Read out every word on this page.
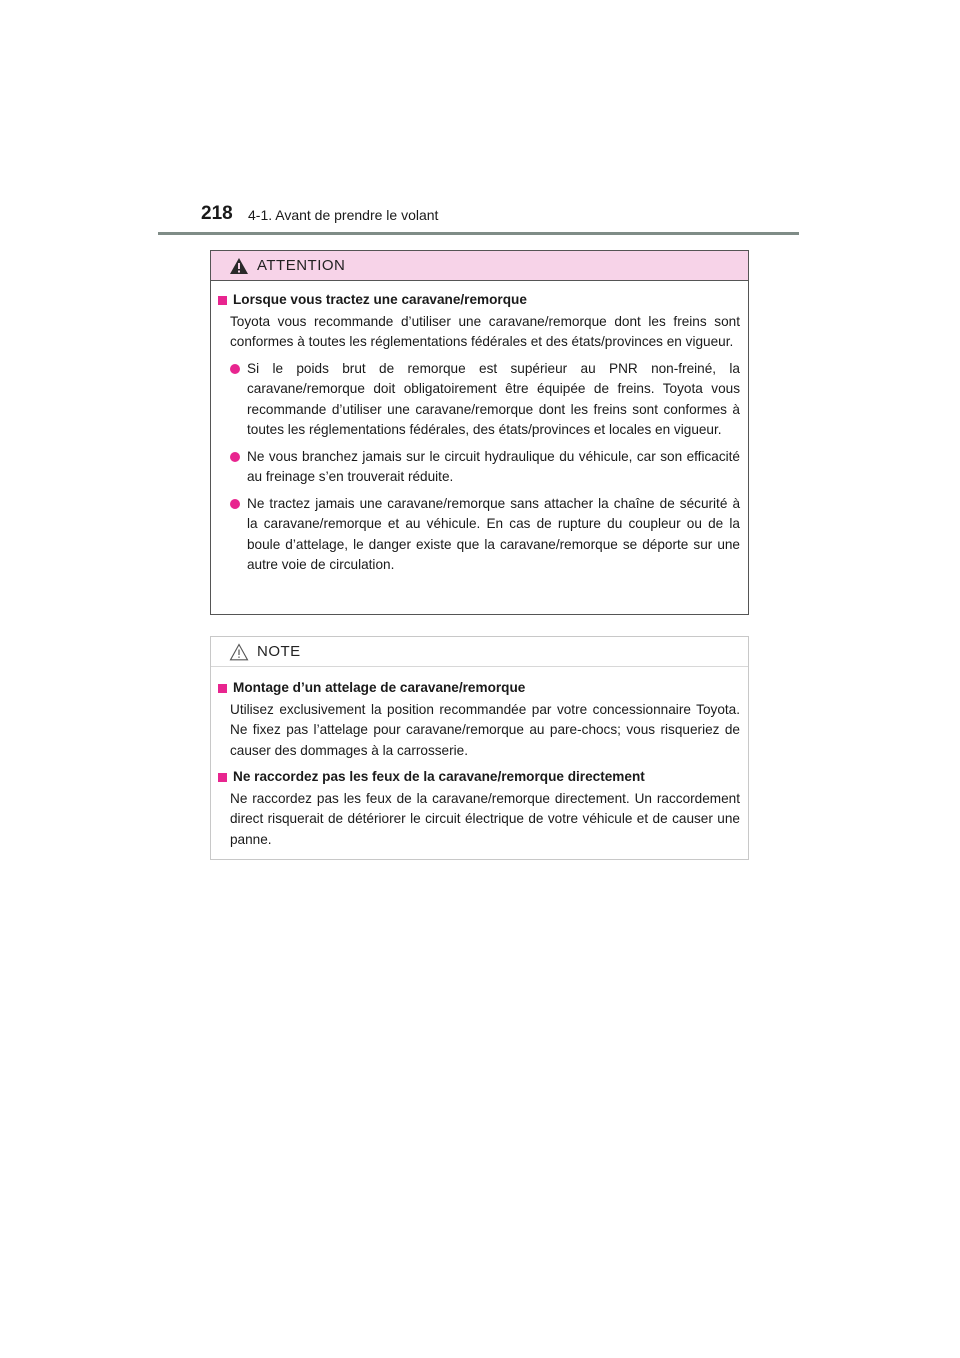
218 4-1. Avant de prendre le volant
ATTENTION
Lorsque vous tractez une caravane/remorque
Toyota vous recommande d’utiliser une caravane/remorque dont les freins sont conformes à toutes les réglementations fédérales et des états/provinces en vigueur.
Si le poids brut de remorque est supérieur au PNR non-freiné, la caravane/remorque doit obligatoirement être équipée de freins. Toyota vous recommande d’utiliser une caravane/remorque dont les freins sont conformes à toutes les réglementations fédérales, des états/provinces et locales en vigueur.
Ne vous branchez jamais sur le circuit hydraulique du véhicule, car son efficacité au freinage s’en trouverait réduite.
Ne tractez jamais une caravane/remorque sans attacher la chaîne de sécurité à la caravane/remorque et au véhicule. En cas de rupture du coupleur ou de la boule d’attelage, le danger existe que la caravane/remorque se déporte sur une autre voie de circulation.
NOTE
Montage d’un attelage de caravane/remorque
Utilisez exclusivement la position recommandée par votre concessionnaire Toyota. Ne fixez pas l’attelage pour caravane/remorque au pare-chocs; vous risqueriez de causer des dommages à la carrosserie.
Ne raccordez pas les feux de la caravane/remorque directement
Ne raccordez pas les feux de la caravane/remorque directement. Un raccordement direct risquerait de détériorer le circuit électrique de votre véhicule et de causer une panne.
